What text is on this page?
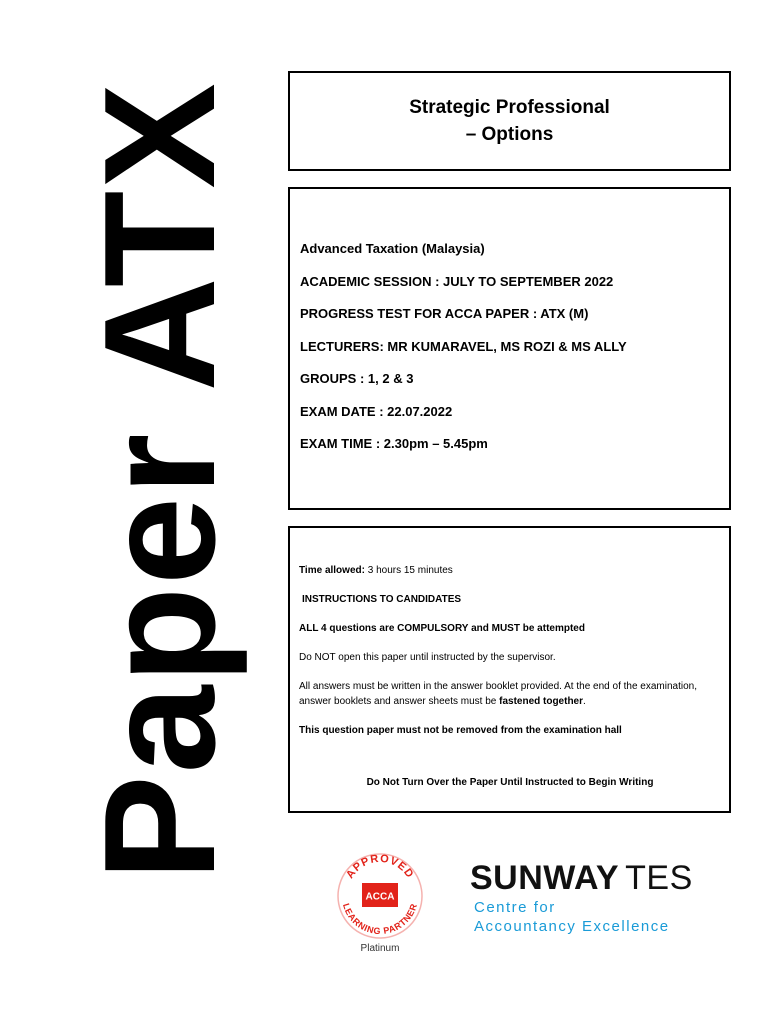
Paper ATX	Strategic Professional
– Options
Advanced Taxation (Malaysia)
ACADEMIC SESSION : JULY TO SEPTEMBER 2022
PROGRESS TEST FOR ACCA PAPER : ATX (M)
LECTURERS: MR KUMARAVEL, MS ROZI & MS ALLY
GROUPS : 1, 2 & 3
EXAM DATE : 22.07.2022
EXAM TIME : 2.30pm – 5.45pm

Time allowed: 3 hours 15 minutes

INSTRUCTIONS TO CANDIDATES

ALL 4 questions are COMPULSORY and MUST be attempted

Do NOT open this paper until instructed by the supervisor.

All answers must be written in the answer booklet provided. At the end of the examination, answer booklets and answer sheets must be fastened together.

This question paper must not be removed from the examination hall

Do Not Turn Over the Paper Until Instructed to Begin Writing

APPROVED
LEARNING PARTNER
ACCA
Platinum
SUNWAY TES
Centre for
Accountancy Excellence
